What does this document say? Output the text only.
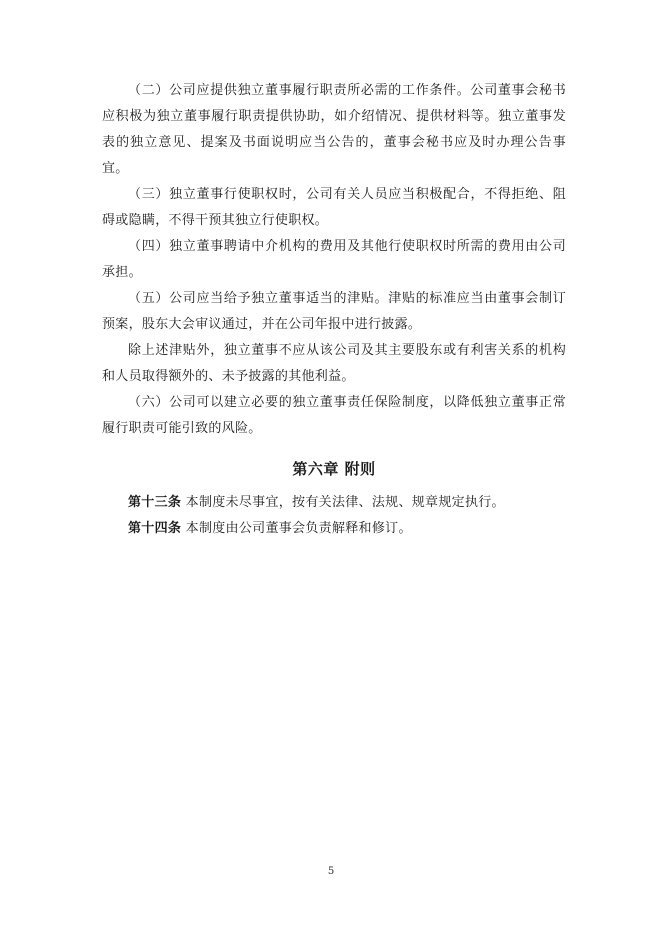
（二）公司应提供独立董事履行职责所必需的工作条件。公司董事会秘书应积极为独立董事履行职责提供协助，如介绍情况、提供材料等。独立董事发表的独立意见、提案及书面说明应当公告的，董事会秘书应及时办理公告事宜。

（三）独立董事行使职权时，公司有关人员应当积极配合，不得拒绝、阻碍或隐瞒，不得干预其独立行使职权。

（四）独立董事聘请中介机构的费用及其他行使职权时所需的费用由公司承担。

（五）公司应当给予独立董事适当的津贴。津贴的标准应当由董事会制订预案，股东大会审议通过，并在公司年报中进行披露。

除上述津贴外，独立董事不应从该公司及其主要股东或有利害关系的机构和人员取得额外的、未予披露的其他利益。

（六）公司可以建立必要的独立董事责任保险制度，以降低独立董事正常履行职责可能引致的风险。

第六章 附则

第十三条 本制度未尽事宜，按有关法律、法规、规章规定执行。

第十四条 本制度由公司董事会负责解释和修订。

5
